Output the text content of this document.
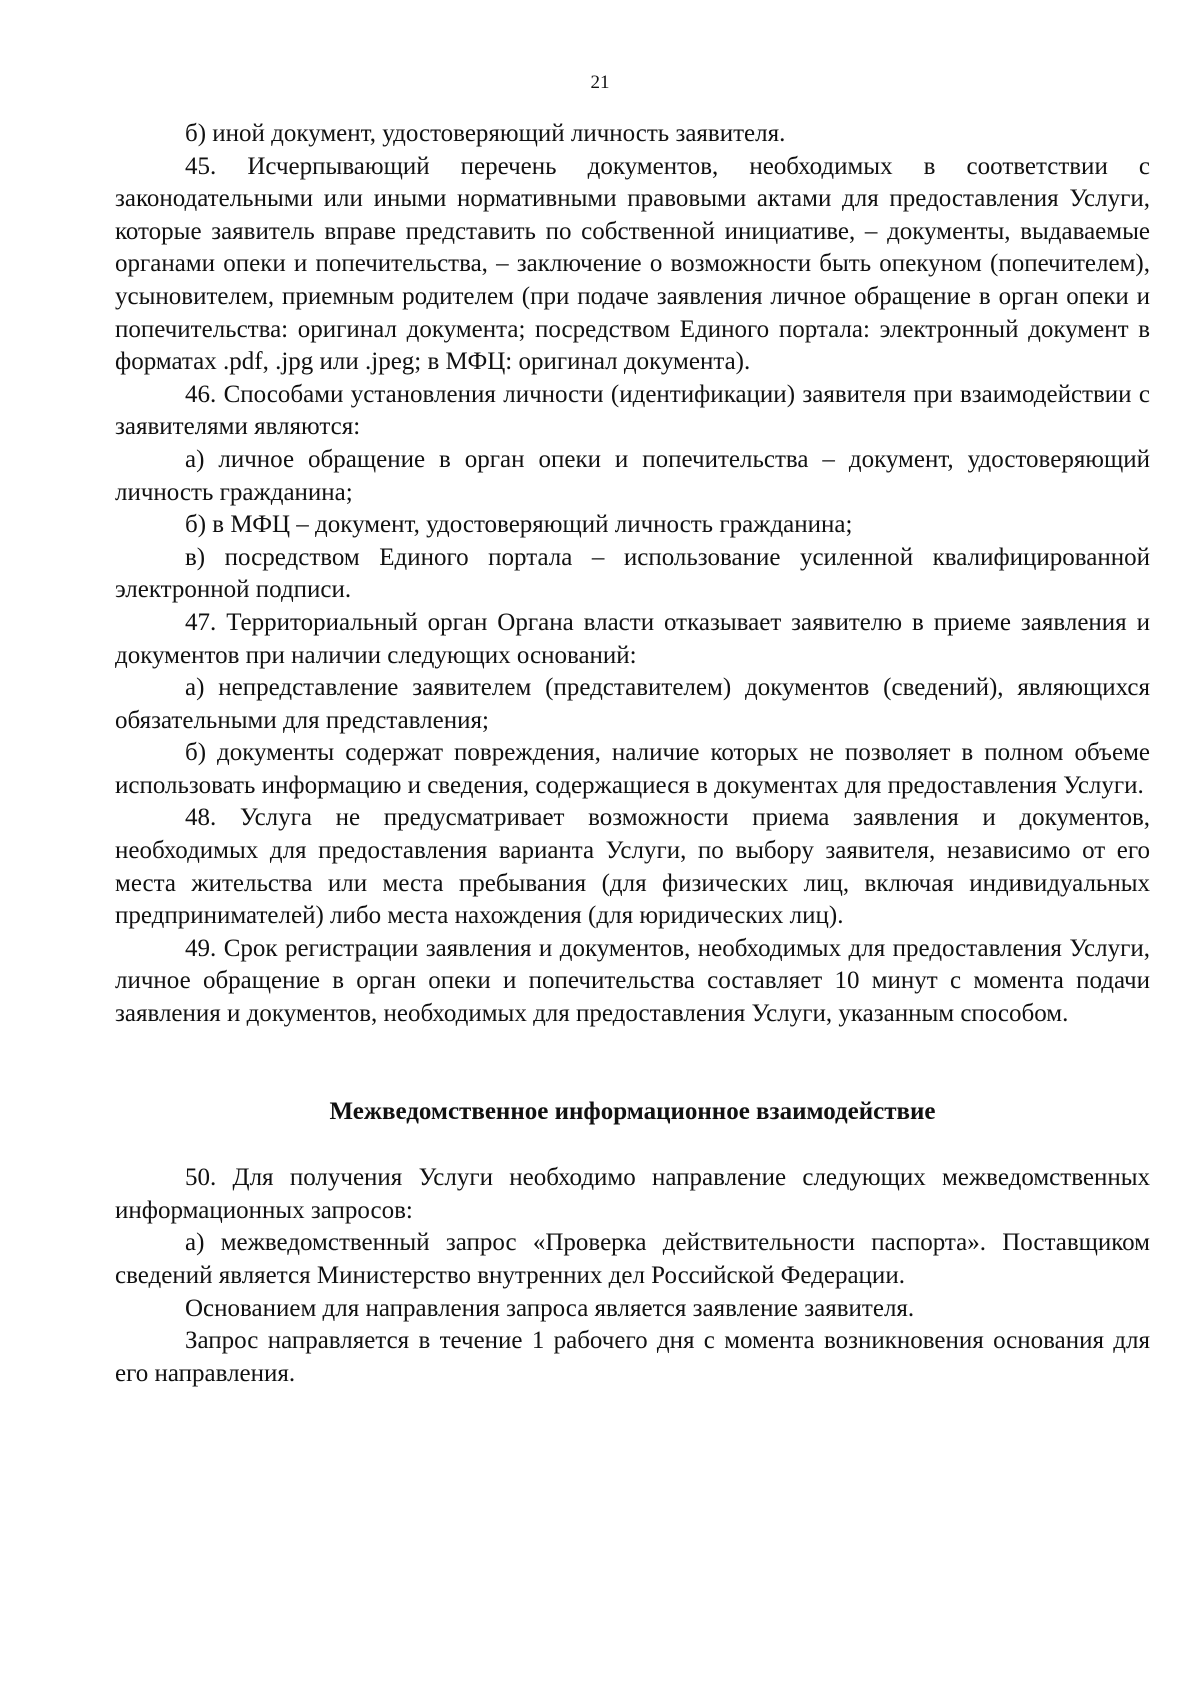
21

б) иной документ, удостоверяющий личность заявителя.

45. Исчерпывающий перечень документов, необходимых в соответствии с законодательными или иными нормативными правовыми актами для предоставления Услуги, которые заявитель вправе представить по собственной инициативе, – документы, выдаваемые органами опеки и попечительства, – заключение о возможности быть опекуном (попечителем), усыновителем, приемным родителем (при подаче заявления личное обращение в орган опеки и попечительства: оригинал документа; посредством Единого портала: электронный документ в форматах .pdf, .jpg или .jpeg; в МФЦ: оригинал документа).

46. Способами установления личности (идентификации) заявителя при взаимодействии с заявителями являются:

а) личное обращение в орган опеки и попечительства – документ, удостоверяющий личность гражданина;

б) в МФЦ – документ, удостоверяющий личность гражданина;

в) посредством Единого портала – использование усиленной квалифицированной электронной подписи.

47. Территориальный орган Органа власти отказывает заявителю в приеме заявления и документов при наличии следующих оснований:

а) непредставление заявителем (представителем) документов (сведений), являющихся обязательными для представления;

б) документы содержат повреждения, наличие которых не позволяет в полном объеме использовать информацию и сведения, содержащиеся в документах для предоставления Услуги.

48. Услуга не предусматривает возможности приема заявления и документов, необходимых для предоставления варианта Услуги, по выбору заявителя, независимо от его места жительства или места пребывания (для физических лиц, включая индивидуальных предпринимателей) либо места нахождения (для юридических лиц).

49. Срок регистрации заявления и документов, необходимых для предоставления Услуги, личное обращение в орган опеки и попечительства составляет 10 минут с момента подачи заявления и документов, необходимых для предоставления Услуги, указанным способом.

Межведомственное информационное взаимодействие

50. Для получения Услуги необходимо направление следующих межведомственных информационных запросов:

а) межведомственный запрос «Проверка действительности паспорта». Поставщиком сведений является Министерство внутренних дел Российской Федерации.

Основанием для направления запроса является заявление заявителя.

Запрос направляется в течение 1 рабочего дня с момента возникновения основания для его направления.
